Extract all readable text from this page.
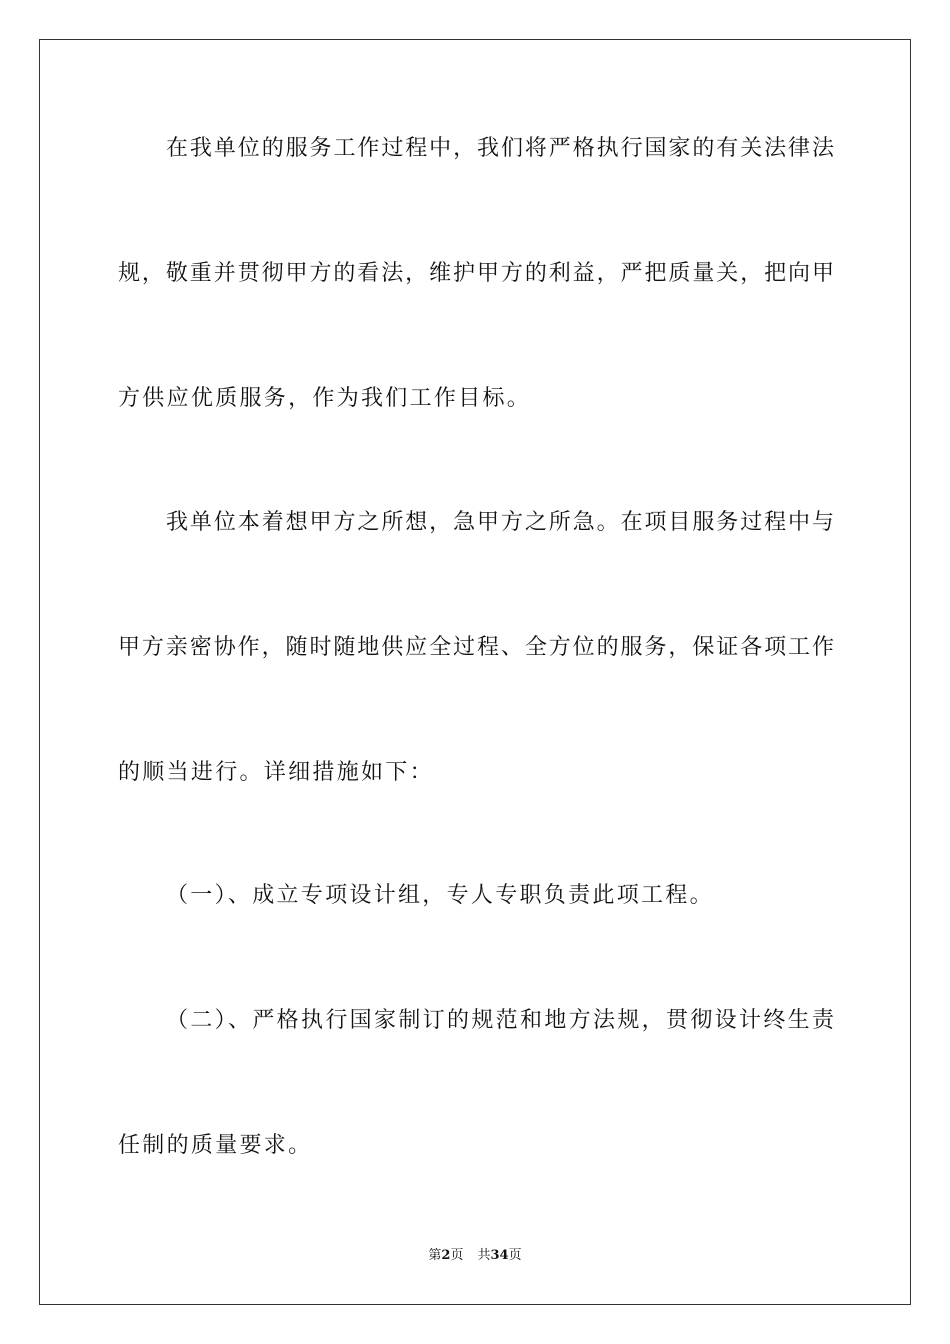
在我单位的服务工作过程中，我们将严格执行国家的有关法律法
规，敬重并贯彻甲方的看法，维护甲方的利益，严把质量关，把向甲
方供应优质服务，作为我们工作目标。
我单位本着想甲方之所想，急甲方之所急。在项目服务过程中与
甲方亲密协作，随时随地供应全过程、全方位的服务，保证各项工作
的顺当进行。详细措施如下：
（一）、成立专项设计组，专人专职负责此项工程。
（二）、严格执行国家制订的规范和地方法规，贯彻设计终生责
任制的质量要求。
第2页 共34页
